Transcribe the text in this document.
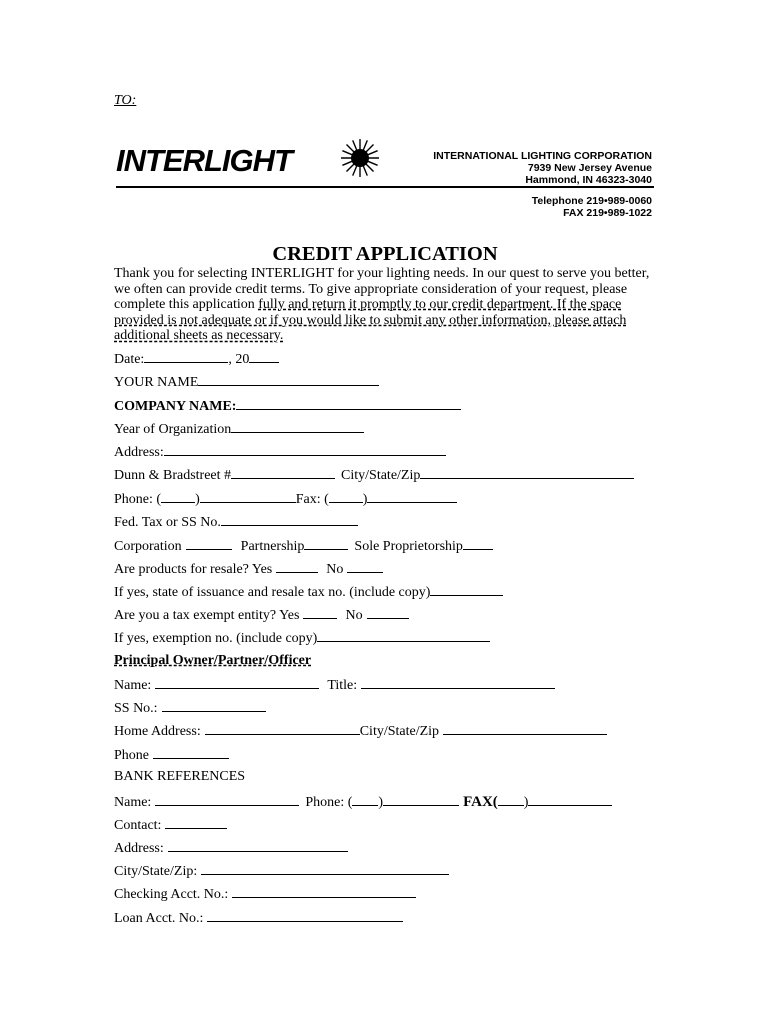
TO:
INTERLIGHT	INTERNATIONAL LIGHTING CORPORATION
7939 New Jersey Avenue
Hammond, IN 46323-3040
Telephone 219•989-0060
FAX 219•989-1022
CREDIT APPLICATION
Thank you for selecting INTERLIGHT for your lighting needs. In our quest to serve you better, we often can provide credit terms. To give appropriate consideration of your request, please complete this application fully and return it promptly to our credit department. If the space provided is not adequate or if you would like to submit any other information, please attach additional sheets as necessary.
Date:	, 20
YOUR NAME
COMPANY NAME:
Year of Organization
Address:
Dunn & Bradstreet #	City/State/Zip
Phone: ( )	Fax: ( )
Fed. Tax or SS No.
Corporation	Partnership	Sole Proprietorship
Are products for resale? Yes	No
If yes, state of issuance and resale tax no. (include copy)
Are you a tax exempt entity? Yes	No
If yes, exemption no. (include copy)
Principal Owner/Partner/Officer
Name:	Title:
SS No.:
Home Address:	City/State/Zip
Phone
BANK REFERENCES
Name:	Phone: ( )	FAX( )
Contact:
Address:
City/State/Zip:
Checking Acct. No.:
Loan Acct. No.:
